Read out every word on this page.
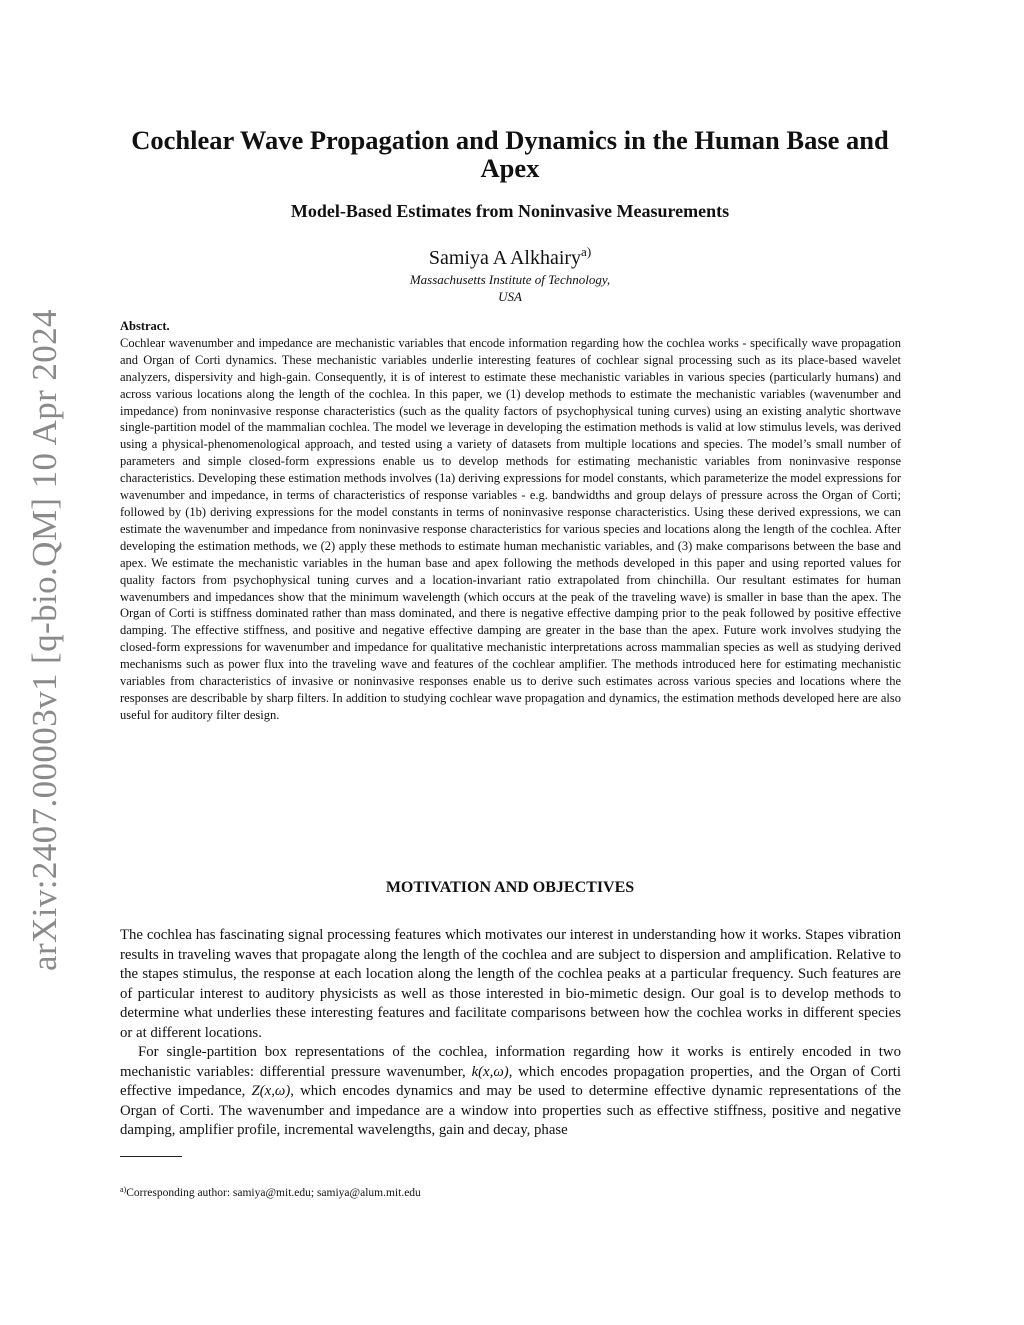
arXiv:2407.00003v1 [q-bio.QM] 10 Apr 2024
Cochlear Wave Propagation and Dynamics in the Human Base and Apex
Model-Based Estimates from Noninvasive Measurements
Samiya A Alkhairy$^{a)}$
Massachusetts Institute of Technology,
USA
Abstract.
Cochlear wavenumber and impedance are mechanistic variables that encode information regarding how the cochlea works - specifically wave propagation and Organ of Corti dynamics. These mechanistic variables underlie interesting features of cochlear signal processing such as its place-based wavelet analyzers, dispersivity and high-gain. Consequently, it is of interest to estimate these mechanistic variables in various species (particularly humans) and across various locations along the length of the cochlea. In this paper, we (1) develop methods to estimate the mechanistic variables (wavenumber and impedance) from noninvasive response characteristics (such as the quality factors of psychophysical tuning curves) using an existing analytic shortwave single-partition model of the mammalian cochlea. The model we leverage in developing the estimation methods is valid at low stimulus levels, was derived using a physical-phenomenological approach, and tested using a variety of datasets from multiple locations and species. The model’s small number of parameters and simple closed-form expressions enable us to develop methods for estimating mechanistic variables from noninvasive response characteristics. Developing these estimation methods involves (1a) deriving expressions for model constants, which parameterize the model expressions for wavenumber and impedance, in terms of characteristics of response variables - e.g. bandwidths and group delays of pressure across the Organ of Corti; followed by (1b) deriving expressions for the model constants in terms of noninvasive response characteristics. Using these derived expressions, we can estimate the wavenumber and impedance from noninvasive response characteristics for various species and locations along the length of the cochlea. After developing the estimation methods, we (2) apply these methods to estimate human mechanistic variables, and (3) make comparisons between the base and apex. We estimate the mechanistic variables in the human base and apex following the methods developed in this paper and using reported values for quality factors from psychophysical tuning curves and a location-invariant ratio extrapolated from chinchilla. Our resultant estimates for human wavenumbers and impedances show that the minimum wavelength (which occurs at the peak of the traveling wave) is smaller in base than the apex. The Organ of Corti is stiffness dominated rather than mass dominated, and there is negative effective damping prior to the peak followed by positive effective damping. The effective stiffness, and positive and negative effective damping are greater in the base than the apex. Future work involves studying the closed-form expressions for wavenumber and impedance for qualitative mechanistic interpretations across mammalian species as well as studying derived mechanisms such as power flux into the traveling wave and features of the cochlear amplifier. The methods introduced here for estimating mechanistic variables from characteristics of invasive or noninvasive responses enable us to derive such estimates across various species and locations where the responses are describable by sharp filters. In addition to studying cochlear wave propagation and dynamics, the estimation methods developed here are also useful for auditory filter design.
MOTIVATION AND OBJECTIVES

The cochlea has fascinating signal processing features which motivates our interest in understanding how it works. Stapes vibration results in traveling waves that propagate along the length of the cochlea and are subject to dispersion and amplification. Relative to the stapes stimulus, the response at each location along the length of the cochlea peaks at a particular frequency. Such features are of particular interest to auditory physicists as well as those interested in bio-mimetic design. Our goal is to develop methods to determine what underlies these interesting features and facilitate comparisons between how the cochlea works in different species or at different locations.

For single-partition box representations of the cochlea, information regarding how it works is entirely encoded in two mechanistic variables: differential pressure wavenumber, k(x,ω), which encodes propagation properties, and the Organ of Corti effective impedance, Z(x,ω), which encodes dynamics and may be used to determine effective dynamic representations of the Organ of Corti. The wavenumber and impedance are a window into properties such as effective stiffness, positive and negative damping, amplifier profile, incremental wavelengths, gain and decay, phase

$^{a)}$Corresponding author: samiya@mit.edu; samiya@alum.mit.edu
